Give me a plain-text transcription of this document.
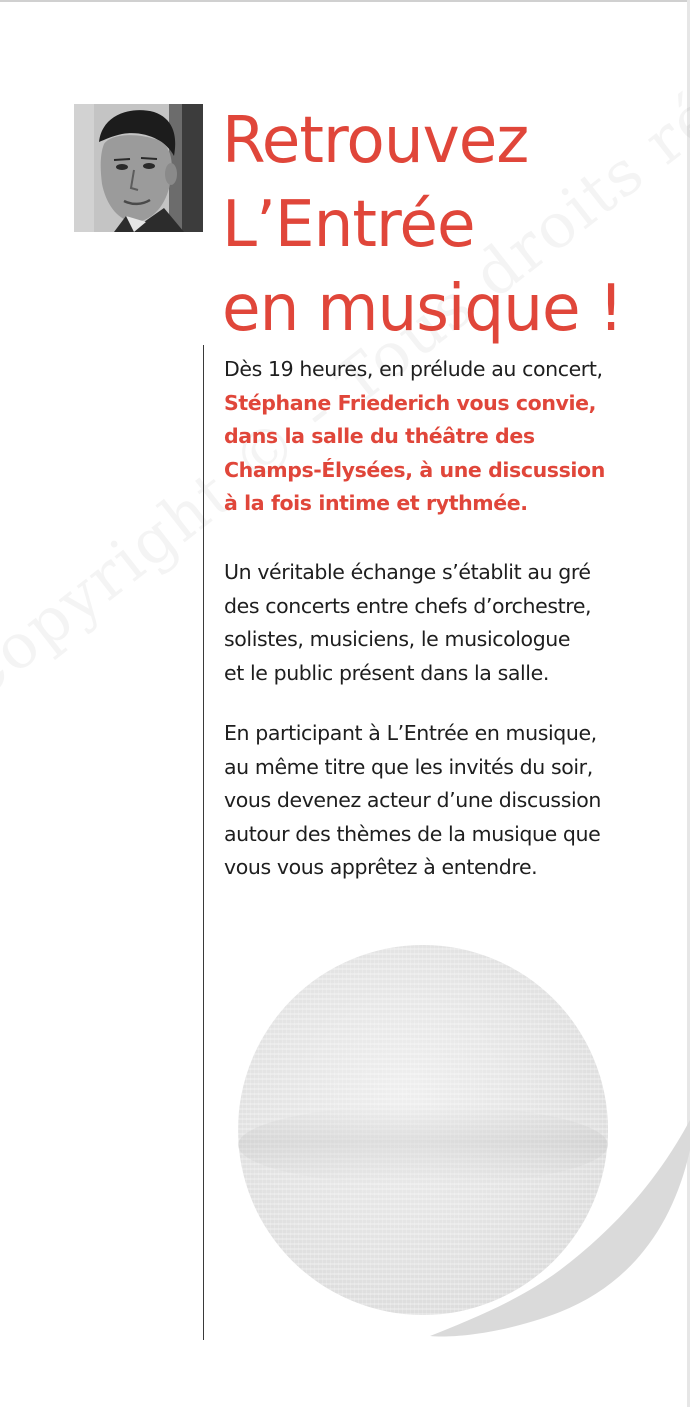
Retrouvez
L’Entrée
en musique !
Dès 19 heures, en prélude au concert,
Stéphane Friederich vous convie,
dans la salle du théâtre des
Champs-Élysées, à une discussion
à la fois intime et rythmée.
Un véritable échange s’établit au gré
des concerts entre chefs d’orchestre,
solistes, musiciens, le musicologue
et le public présent dans la salle.
En participant à L’Entrée en musique,
au même titre que les invités du soir,
vous devenez acteur d’une discussion
autour des thèmes de la musique que
vous vous apprêtez à entendre.
